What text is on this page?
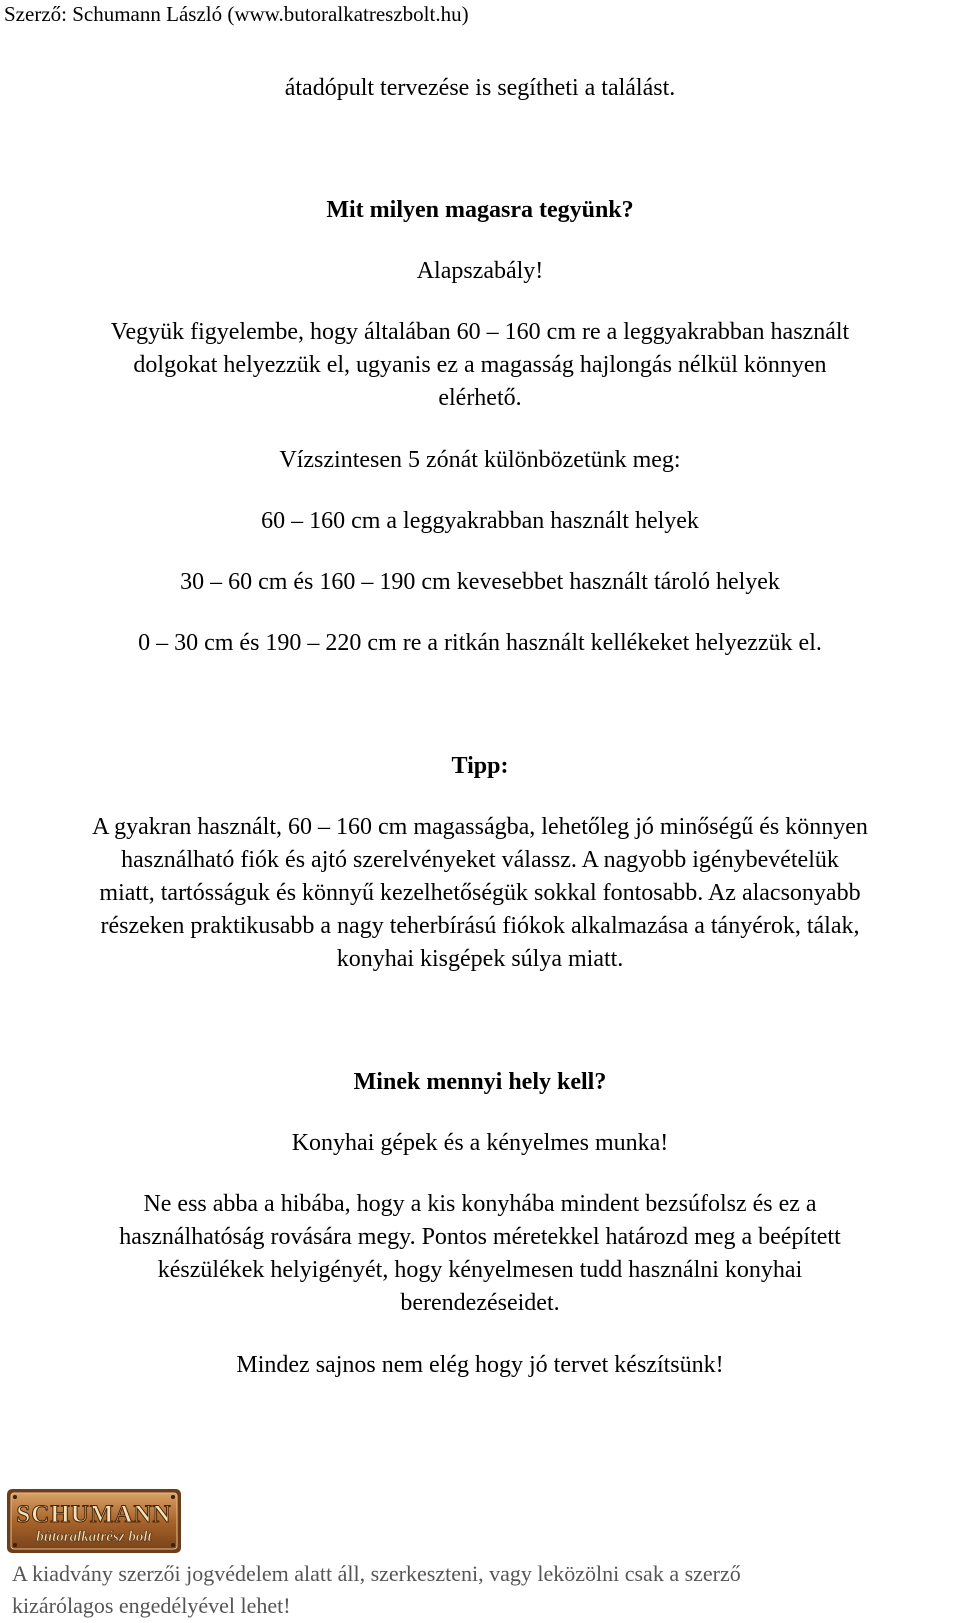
Szerző: Schumann László (www.butoralkatreszbolt.hu)
átadópult tervezése is segítheti a találást.
Mit milyen magasra tegyünk?
Alapszabály!
Vegyük figyelembe, hogy általában 60 – 160 cm re a leggyakrabban használt
dolgokat helyezzük el, ugyanis ez a magasság hajlongás nélkül könnyen
elérhető.
Vízszintesen 5 zónát különbözetünk meg:
60 – 160 cm a leggyakrabban használt helyek
30 – 60 cm és 160 – 190 cm kevesebbet használt tároló helyek
0 – 30 cm és 190 – 220 cm re a ritkán használt kellékeket helyezzük el.
Tipp:
A gyakran használt, 60 – 160 cm magasságba, lehetőleg jó minőségű és könnyen
használható fiók és ajtó szerelvényeket válassz. A nagyobb igénybevételük
miatt, tartósságuk és könnyű kezelhetőségük sokkal fontosabb. Az alacsonyabb
részeken praktikusabb a nagy teherbírású fiókok alkalmazása a tányérok, tálak,
konyhai kisgépek súlya miatt.
Minek mennyi hely kell?
Konyhai gépek és a kényelmes munka!
Ne ess abba a hibába, hogy a kis konyhába mindent bezsúfolsz és ez a
használhatóság rovására megy. Pontos méretekkel határozd meg a beépített
készülékek helyigényét, hogy kényelmesen tudd használni konyhai
berendezéseidet.
Mindez sajnos nem elég hogy jó tervet készítsünk!
SCHUMANN
bútoralkatrész bolt
A kiadvány szerzői jogvédelem alatt áll, szerkeszteni, vagy leközölni csak a szerző
kizárólagos engedélyével lehet!
